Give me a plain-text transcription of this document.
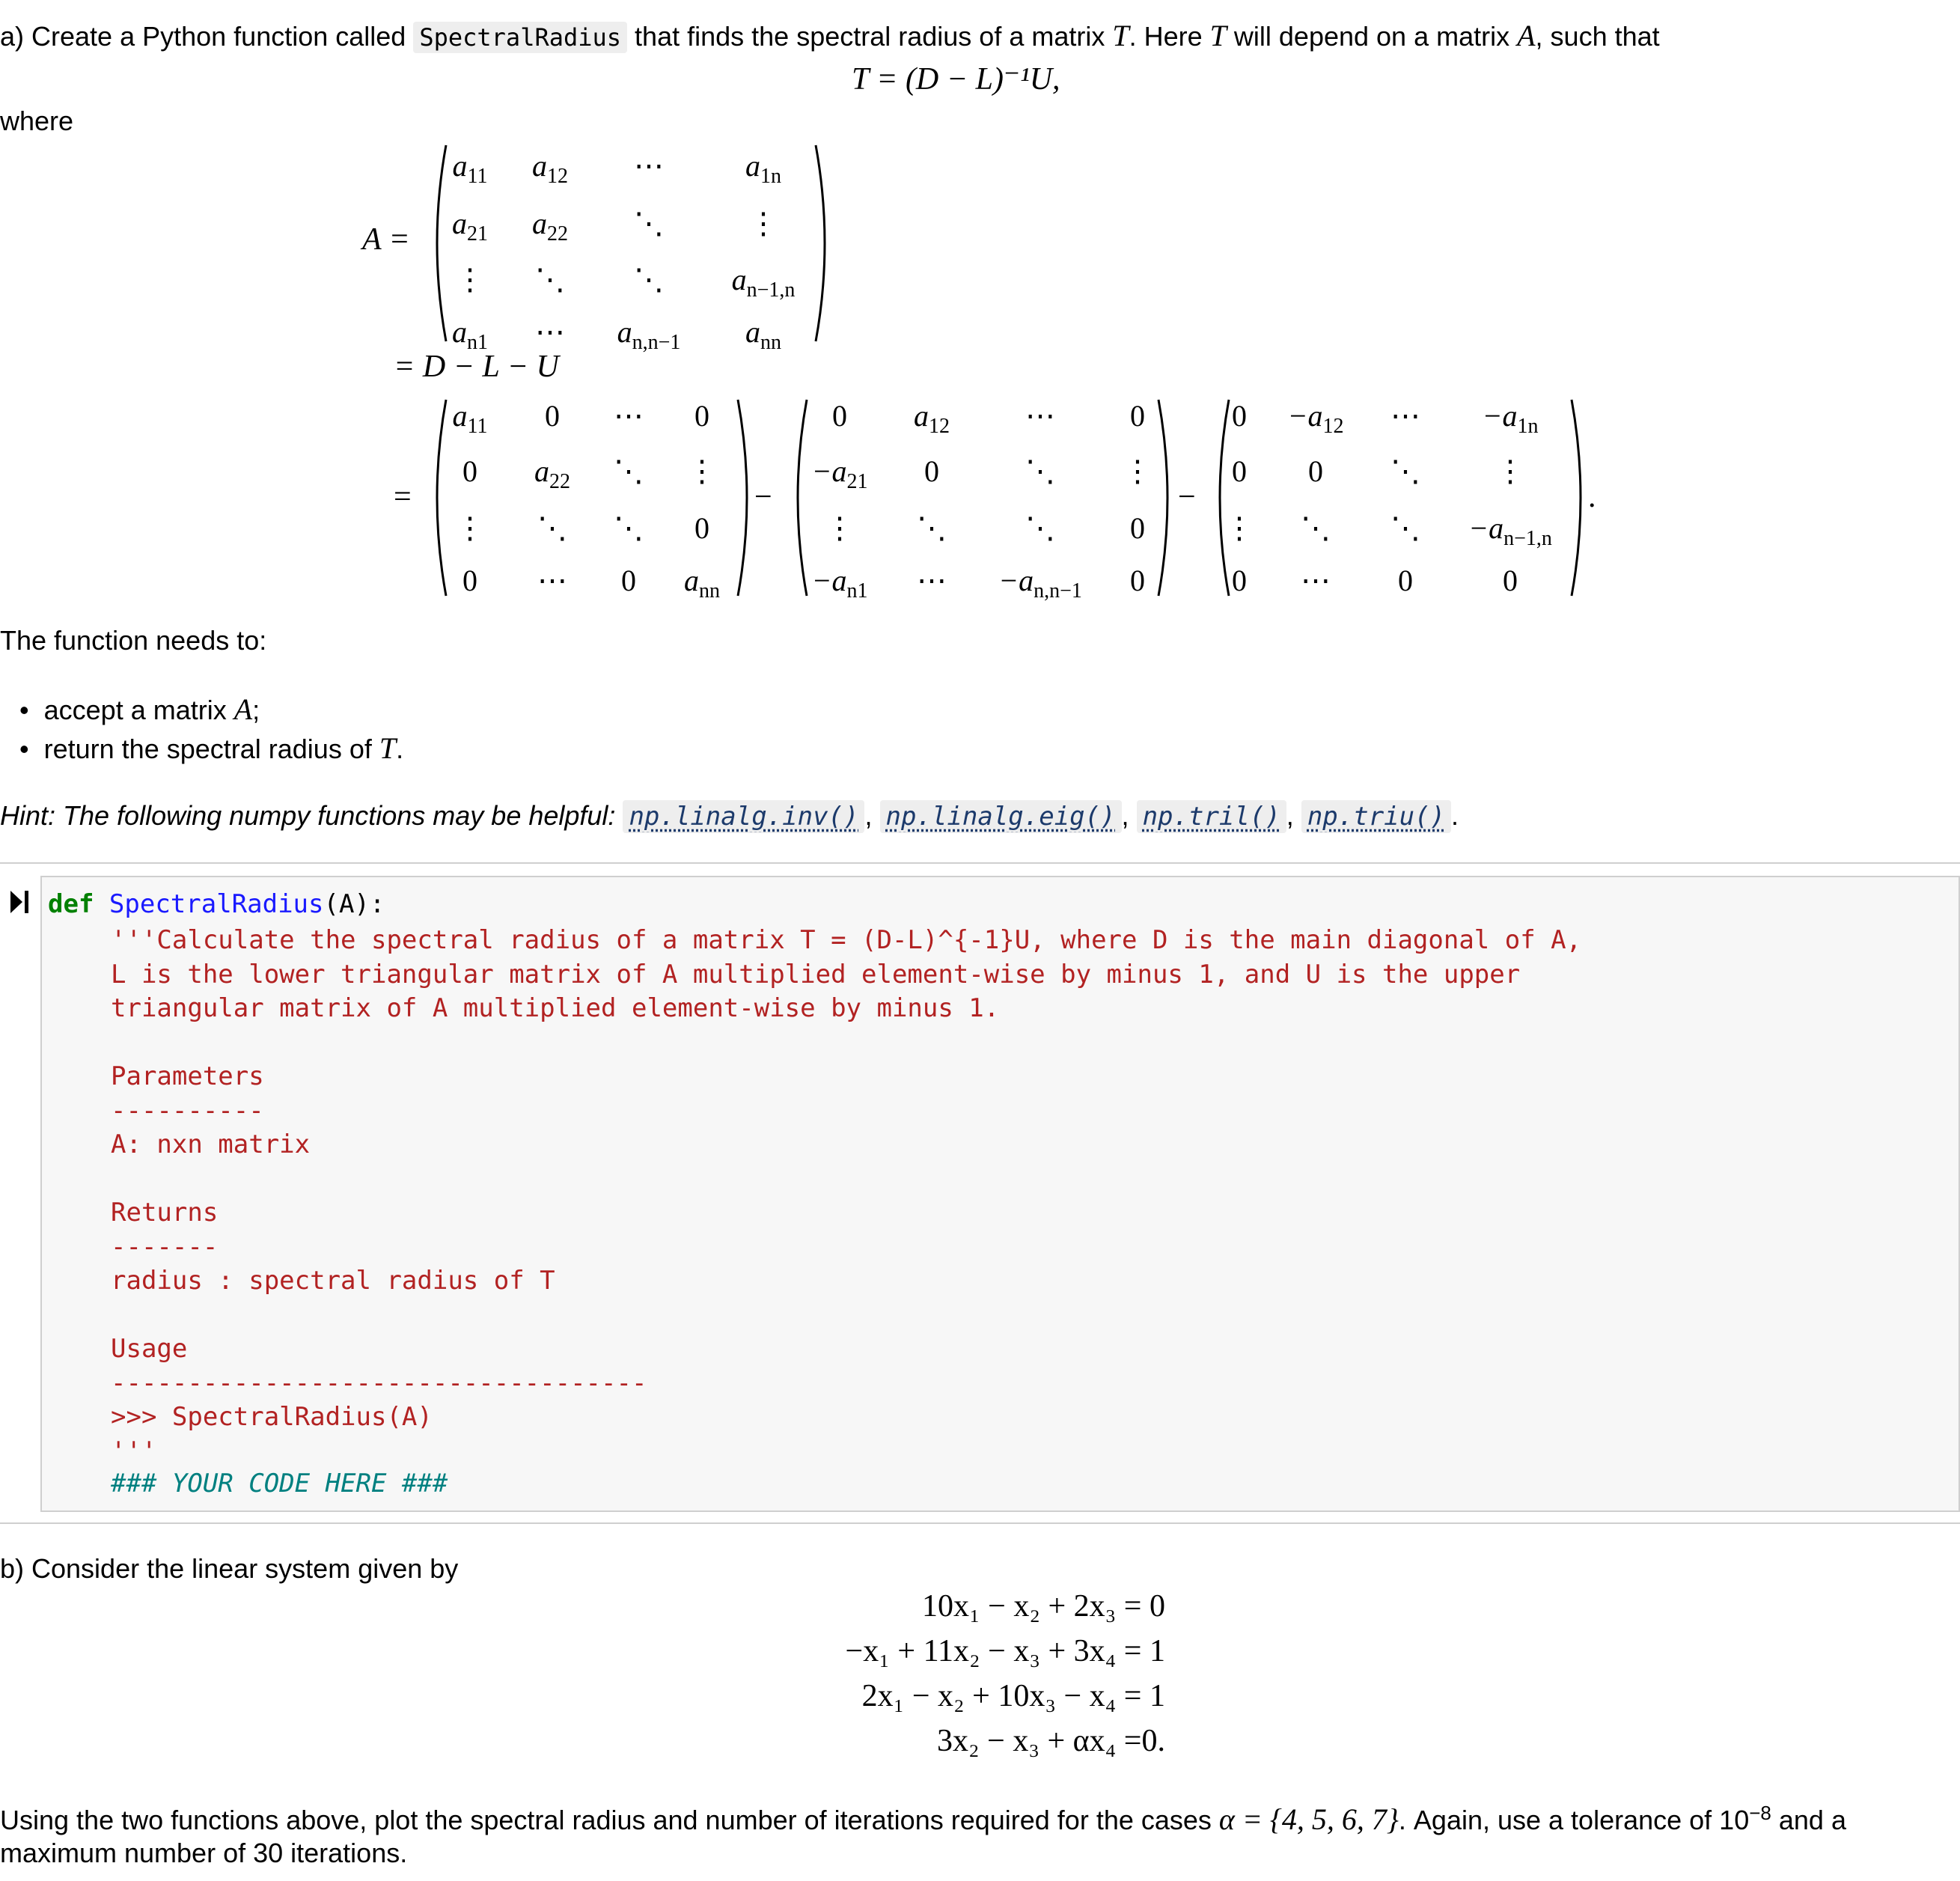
a) Create a Python function called SpectralRadius that finds the spectral radius of a matrix T. Here T will depend on a matrix A, such that
T = (D − L)⁻¹U,
where
A =
= D − L − U
=	−	−	.
The function needs to:
• accept a matrix A;
• return the spectral radius of T.
Hint: The following numpy functions may be helpful: np.linalg.inv() , np.linalg.eig() , np.tril() , np.triu() .
def SpectralRadius(A):
'''Calculate the spectral radius of a matrix T = (D-L)^{-1}U, where D is the main diagonal of A,
L is the lower triangular matrix of A multiplied element-wise by minus 1, and U is the upper
triangular matrix of A multiplied element-wise by minus 1.
Parameters
----------
A: nxn matrix
Returns
-------
radius : spectral radius of T
Usage
-----------------------------------
>>> SpectralRadius(A)
'''
### YOUR CODE HERE ###
b) Consider the linear system given by
10x₁ − x₂ + 2x₃ = 0
−x₁ + 11x₂ − x₃ + 3x₄ = 1
2x₁ − x₂ + 10x₃ − x₄ = 1
3x₂ − x₃ + αx₄ =0.
Using the two functions above, plot the spectral radius and number of iterations required for the cases α = {4, 5, 6, 7}. Again, use a tolerance of $10^{-8}$ and a
maximum number of 30 iterations.
$a_{11}$ $a_{12}$ ⋯	$a_{1n}$
$a_{21}$ $a_{22}$ ⋱	⋮
⋮ ⋱ ⋱ $a_{n-1,n}$
$a_{n1}$ ⋯ $a_{n,n-1}$ $a_{nn}$
$a_{11}$ 0 ⋯ 0
0 $a_{22}$ ⋱ ⋮
⋮ ⋱ ⋱ 0
0 ⋯ 0 $a_{nn}$
0 $a_{12}$	⋯	0
$-a_{21}$ 0	⋱ ⋮
⋮ ⋱	⋱	0
$-a_{n1}$ ⋯ $-a_{n,n-1}$ 0
$0 -a_{12}$ ⋯ $-a_{1n}$
0 0 ⋱	⋮
⋮ ⋱ ⋱ $-a_{n-1,n}$
0 ⋯ 0	0
